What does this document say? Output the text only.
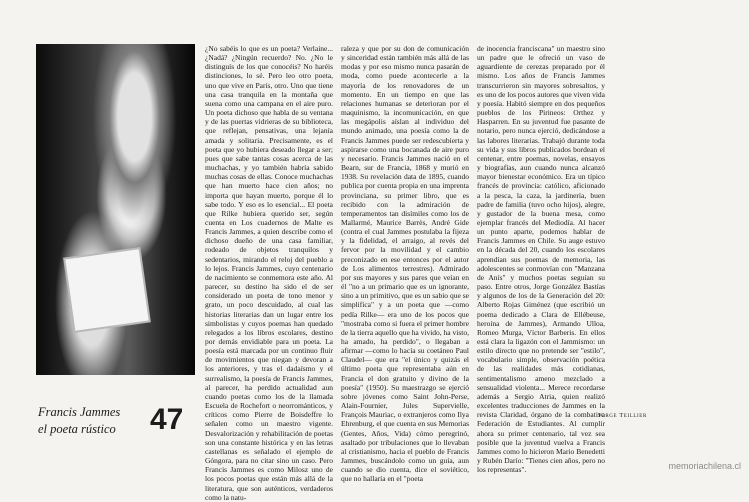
¿No sabéis lo que es un poeta? Verlaine... ¿Nadá? ¿Ningún recuerdo? No. ¿No le distinguís de los que conocéis? No haréis distinciones, lo sé. Pero leo otro poeta, uno que vive en París, otro. Uno que tiene una casa tranquila en la montaña que suena como una campana en el aire puro. Un poeta dichoso que habla de su ventana y de las puertas vidrieras de su biblioteca, que reflejan, pensativas, una lejanía amada y solitaria. Precisamente, es el poeta que yo hubiera deseado llegar a ser; pues que sabe tantas cosas acerca de las muchachas, y yo también habría sabido muchas cosas de ellas. Conoce muchachas que han muerto hace cien años; no importa que hayan muerto, porque él lo sabe todo. Y eso es lo esencial... El poeta que Rilke hubiera querido ser, según cuenta en Los cuadernos de Malte es Francis Jammes, a quien describe como el dichoso dueño de una casa familiar, rodeado de objetos tranquilos y sedentarios, mirando el reloj del pueblo a lo lejos. Francis Jammes, cuyo centenario de nacimiento se conmemora este año. Al parecer, su destino ha sido el de ser considerado un poeta de tono menor y grato, un poco descuidado, al cual las historias literarias dan un lugar entre los simbolistas y cuyos poemas han quedado relegados a los libros escolares, destino por demás envidiable para un poeta. La poesía está marcada por un continuo fluir de movimientos que niegan y devoran a los anteriores, y tras el dadaísmo y el surrealismo, la poesía de Francis Jammes, al parecer, ha perdido actualidad aun cuando poetas como los de la llamada Escuela de Rochefort o neorrománticos, y críticos como Pierre de Boisdeffre lo señalen como un maestro vigente. Desvalorización y rehabilitación de poetas son una constante histórica y en las letras castellanas es señalado el ejemplo de Góngora, para no citar sino un caso. Pero Francis Jammes es como Milosz uno de los pocos poetas que están más allá de la literatura, que son auténticos, verdaderos como la natu-

raleza y que por su don de comunicación y sinceridad están también más allá de las modas y por eso mismo nunca pasarán de moda, como puede acontecerle a la mayoría de los renovadores de un momento. En un tiempo en que las relaciones humanas se deterioran por el maquinismo, la incomunicación, en que las megápolis aíslan al individuo del mundo animado, una poesía como la de Francis Jammes puede ser redescubierta y aspirarse como una bocanada de aire puro y necesario. Francis Jammes nació en el Bearn, sur de Francia, 1868 y murió en 1938. Su revelación data de 1895, cuando publica por cuenta propia en una imprenta provinciana, su primer libro, que es recibido con la admiración de temperamentos tan disímiles como los de Mallarmé, Maurice Barrès, André Gide (contra el cual Jammes postulaba la fijeza y la fidelidad, el arraigo, al revés del fervor por la movilidad y el cambio preconizado en ese entonces por el autor de Los alimentos terrestres). Admirado por sus mayores y sus pares que veían en él "no a un primario que es un ignorante, sino a un primitivo, que es un sabio que se simplifica" y a un poeta que —como pedía Rilke— era uno de los pocos que "mostraba como si fuera el primer hombre de la tierra aquello que ha vivido, ha visto, ha amado, ha perdido", o llegaban a afirmar —como lo hacía su coetáneo Paul Claudel— que era "el único y quizás el último poeta que representaba aún en Francia el don gratuito y divino de la poesía" (1950). Su maestrazgo se ejerció sobre jóvenes como Saint John-Perse, Alain-Fournier, Jules Supervielle, François Mauriac, o extranjeros como Ilya Ehrenburg, el que cuenta en sus Memorias (Gentes, Años, Vida) cómo peregrinó, asaltado por tribulaciones que lo llevaban al cristianismo, hacia el pueblo de Francis Jammes, buscándolo como un guía, aun cuando se dio cuenta, dice el soviético, que no hallaría en el "poeta

de inocencia franciscana" un maestro sino un padre que le ofreció un vaso de aguardiente de cerezas preparado por él mismo. Los años de Francis Jammes transcurrieron sin mayores sobresaltos, y es uno de los pocos autores que viven vida y poesía. Habitó siempre en dos pequeños pueblos de los Pirineos: Orthez y Hasparren. En su juventud fue pasante de notario, pero nunca ejerció, dedicándose a las labores literarias. Trabajó durante toda su vida y sus libros publicados bordean el centenar, entre poemas, novelas, ensayos y biografías, aun cuando nunca alcanzó mayor bienestar económico. Era un típico francés de provincia: católico, aficionado a la pesca, la caza, la jardinería, buen padre de familia (tuvo ocho hijos), alegre, y gustador de la buena mesa, como ejemplar francés del Mediodía. Al hacer un punto aparte, podemos hablar de Francis Jammes en Chile. Su auge estuvo en la década del 20, cuando los escolares aprendían sus poemas de memoria, las adolescentes se conmovían con "Manzana de Anís" y muchos poetas seguían su paso. Entre otros, Jorge González Bastías y algunos de los de la Generación del 20: Alberto Rojas Giménez (que escribió un poema dedicado a Clara de Ellébeuse, heroína de Jammes), Armando Ulloa, Romeo Murga, Víctor Barberis. En ellos está clara la ligazón con el Jammismo: un estilo directo que no pretende ser "estilo", vocabulario simple, observación poética de las realidades más cotidianas, sentimentalismo ameno mezclado a sensualidad violenta... Merece recordarse además a Sergio Atria, quien realizó excelentes traducciones de Jammes en la revista Claridad, órgano de la combativa Federación de Estudiantes. Al cumplir ahora su primer centenario, tal vez sea posible que la juventud vuelva a Francis Jammes como lo hicieron Mario Benedetti y Rubén Darío: "Tienes cien años, pero no los representas".

Francis Jammes
el poeta rústico	47	Jorge Teillier
memoriachilena.cl
